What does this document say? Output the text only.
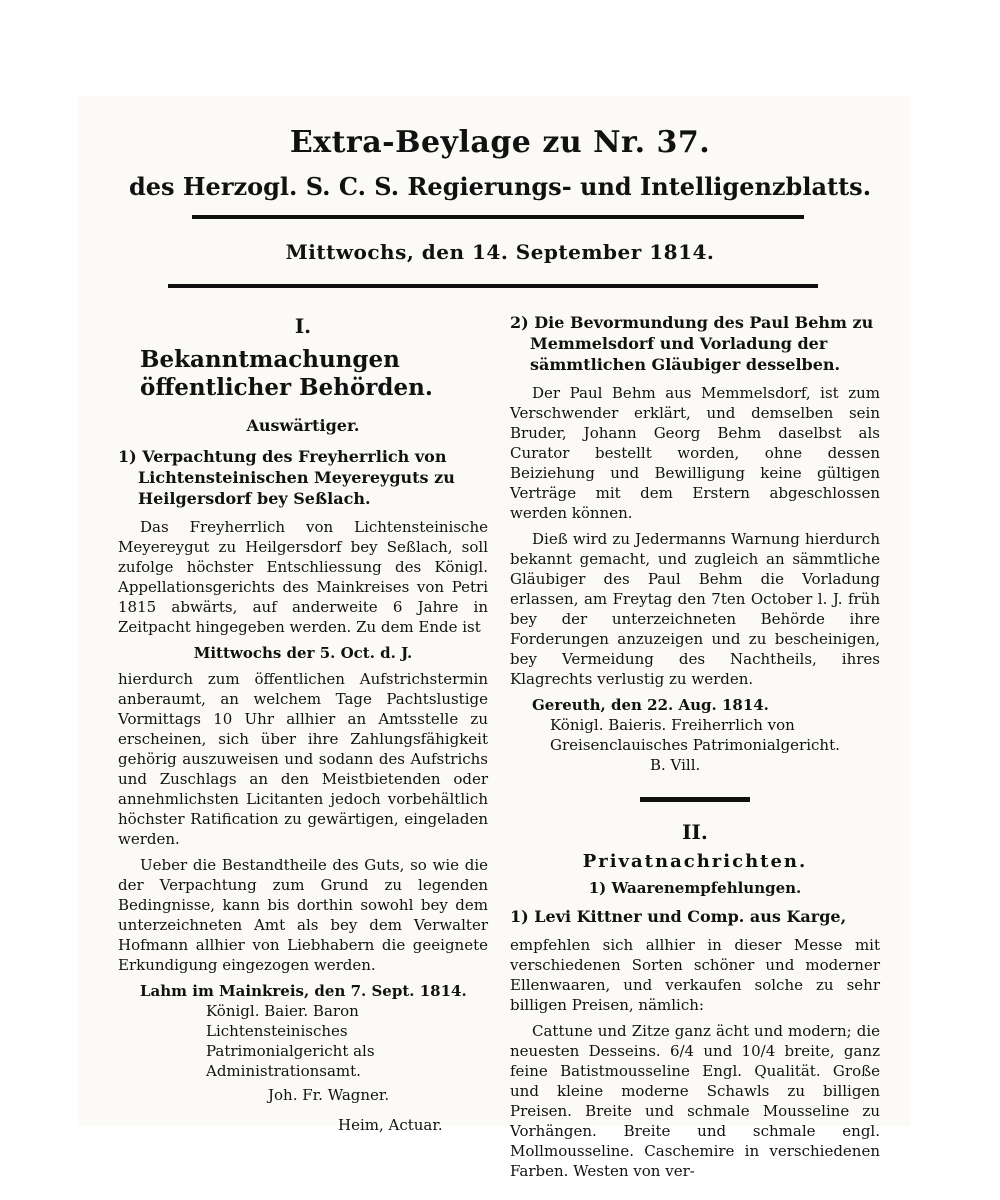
Extra-Beylage zu Nr. 37.
des Herzogl. S. C. S. Regierungs- und Intelligenzblatts.
Mittwochs, den 14. September 1814.
I.
Bekanntmachungen öffentlicher Behörden.
Auswärtiger.
1) Verpachtung des Freyherrlich von Lichtensteinischen Meyereyguts zu Heilgersdorf bey Seßlach.

Das Freyherrlich von Lichtensteinische Meyereygut zu Heilgersdorf bey Seßlach, soll zufolge höchster Entschliessung des Königl. Appellationsgerichts des Mainkreises von Petri 1815 abwärts, auf anderweite 6 Jahre in Zeitpacht hingegeben werden. Zu dem Ende ist

Mittwochs der 5. Oct. d. J.

hierdurch zum öffentlichen Aufstrichstermin anberaumt, an welchem Tage Pachtslustige Vormittags 10 Uhr allhier an Amtsstelle zu erscheinen, sich über ihre Zahlungsfähigkeit gehörig auszuweisen und sodann des Aufstrichs und Zuschlags an den Meistbietenden oder annehmlichsten Licitanten jedoch vorbehältlich höchster Ratification zu gewärtigen, eingeladen werden.

Ueber die Bestandtheile des Guts, so wie die der Verpachtung zum Grund zu legenden Bedingnisse, kann bis dorthin sowohl bey dem unterzeichneten Amt als bey dem Verwalter Hofmann allhier von Liebhabern die geeignete Erkundigung eingezogen werden.

Lahm im Mainkreis, den 7. Sept. 1814.
Königl. Baier. Baron Lichtensteinisches Patrimonialgericht als Administrationsamt.
Joh. Fr. Wagner.
Heim, Actuar.
2) Die Bevormundung des Paul Behm zu Memmelsdorf und Vorladung der sämmtlichen Gläubiger desselben.

Der Paul Behm aus Memmelsdorf, ist zum Verschwender erklärt, und demselben sein Bruder, Johann Georg Behm daselbst als Curator bestellt worden, ohne dessen Beiziehung und Bewilligung keine gültigen Verträge mit dem Erstern abgeschlossen werden können.

Dieß wird zu Jedermanns Warnung hierdurch bekannt gemacht, und zugleich an sämmtliche Gläubiger des Paul Behm die Vorladung erlassen, am Freytag den 7ten October l. J. früh bey der unterzeichneten Behörde ihre Forderungen anzuzeigen und zu bescheinigen, bey Vermeidung des Nachtheils, ihres Klagrechts verlustig zu werden.

Gereuth, den 22. Aug. 1814.
Königl. Baieris. Freiherrlich von Greisenclauisches Patrimonialgericht.
B. Vill.
II.
Privatnachrichten.
1) Waarenempfehlungen.
1) Levi Kittner und Comp. aus Karge,

empfehlen sich allhier in dieser Messe mit verschiedenen Sorten schöner und moderner Ellenwaaren, und verkaufen solche zu sehr billigen Preisen, nämlich:

Cattune und Zitze ganz ächt und modern; die neuesten Desseins. 6/4 und 10/4 breite, ganz feine Batistmousseline Engl. Qualität. Große und kleine moderne Schawls zu billigen Preisen. Breite und schmale Mousseline zu Vorhängen. Breite und schmale engl. Mollmousseline. Caschemire in verschiedenen Farben. Westen von ver-
